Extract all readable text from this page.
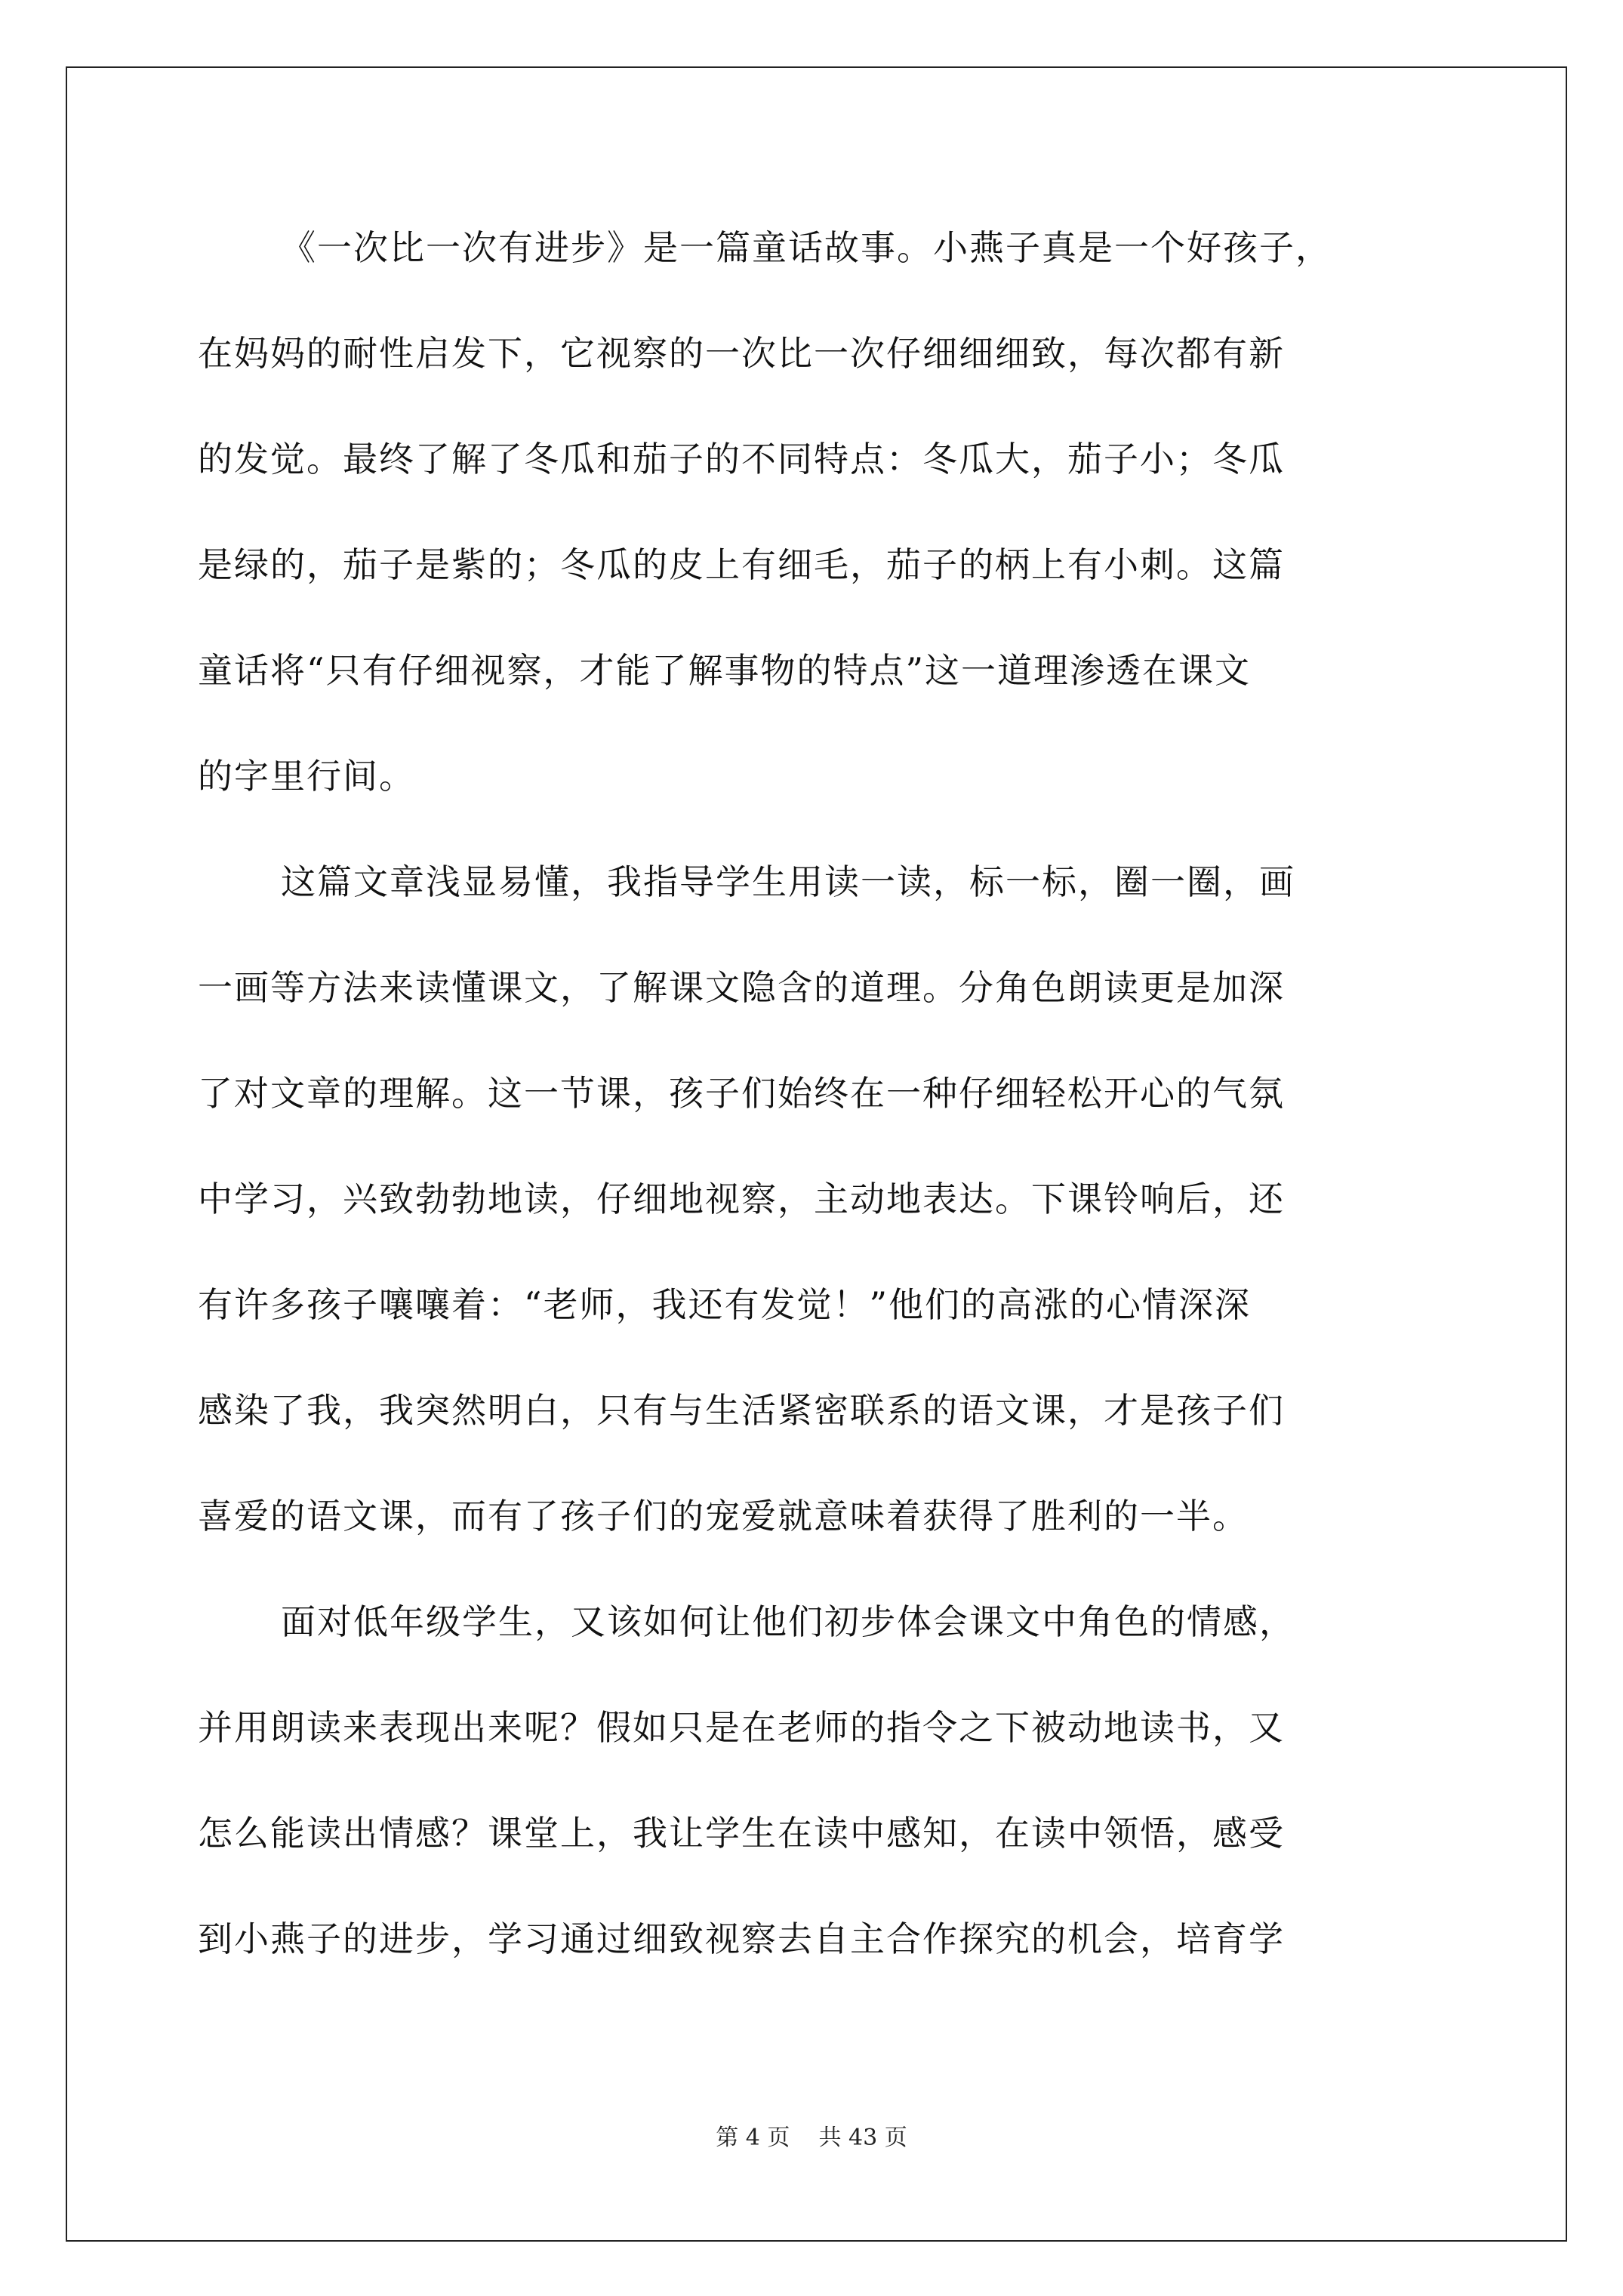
《一次比一次有进步》是一篇童话故事。小燕子真是一个好孩子，
在妈妈的耐性启发下，它视察的一次比一次仔细细细致，每次都有新
的发觉。最终了解了冬瓜和茄子的不同特点：冬瓜大，茄子小；冬瓜
是绿的，茄子是紫的；冬瓜的皮上有细毛，茄子的柄上有小刺。这篇
童话将“只有仔细视察，才能了解事物的特点”这一道理渗透在课文
的字里行间。
这篇文章浅显易懂，我指导学生用读一读，标一标，圈一圈，画
一画等方法来读懂课文，了解课文隐含的道理。分角色朗读更是加深
了对文章的理解。这一节课，孩子们始终在一种仔细轻松开心的气氛
中学习，兴致勃勃地读，仔细地视察，主动地表达。下课铃响后，还
有许多孩子嚷嚷着：“老师，我还有发觉！”他们的高涨的心情深深
感染了我，我突然明白，只有与生活紧密联系的语文课，才是孩子们
喜爱的语文课，而有了孩子们的宠爱就意味着获得了胜利的一半。
面对低年级学生，又该如何让他们初步体会课文中角色的情感，
并用朗读来表现出来呢？假如只是在老师的指令之下被动地读书，又
怎么能读出情感？课堂上，我让学生在读中感知，在读中领悟，感受
到小燕子的进步，学习通过细致视察去自主合作探究的机会，培育学
第 4 页    共 43 页
